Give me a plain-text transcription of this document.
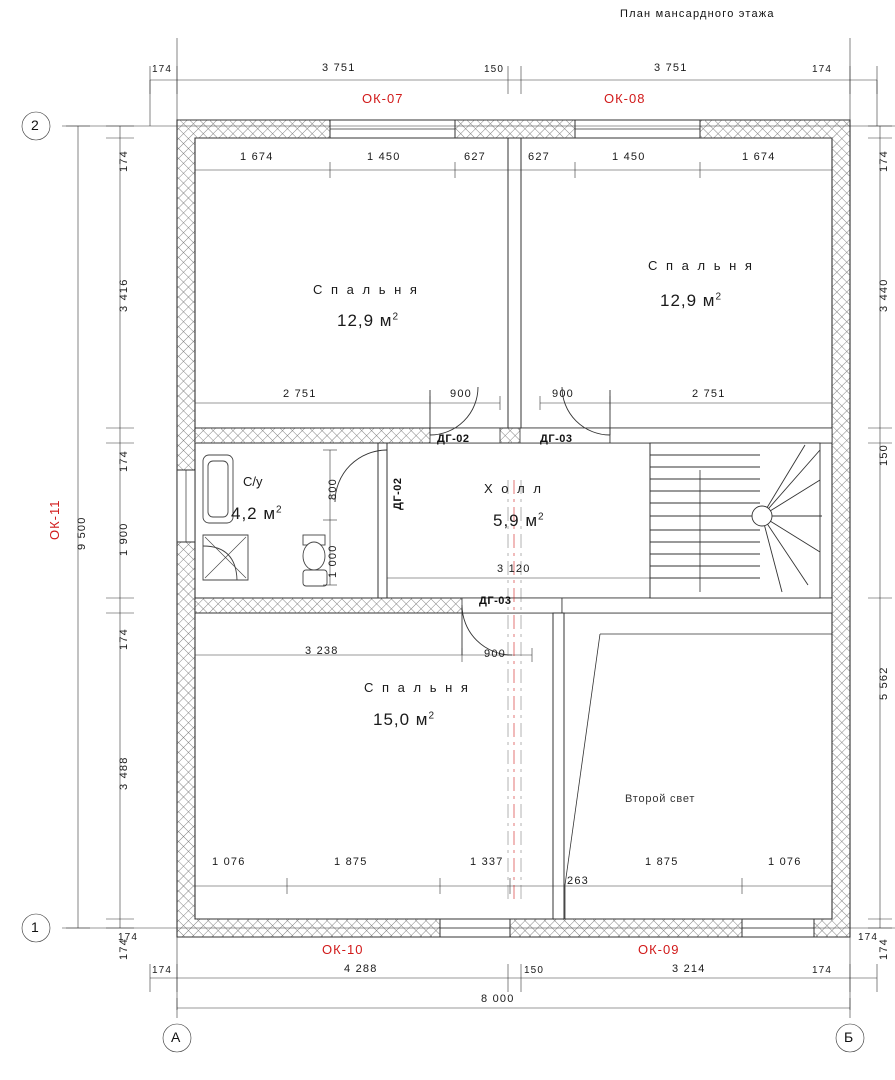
План мансардного этажа
2
1
А	Б
174	3 751	150	3 751	174
ОК-07	ОК-08
ОК-10	ОК-09
ОК-11
1 674	1 450	627	627	1 450	1 674
174
3 416
174
1 900
174
3 488
174
9 500
174
3 440
150
5 562
174
С п а л ь н я
12,9 $м^2$
С п а л ь н я
12,9 $м^2$
С/у
4,2 $м^2$
Х о л л
5,9 $м^2$
С п а л ь н я
15,0 $м^2$
Второй свет
ДГ-02	ДГ-03
ДГ-02
ДГ-03
2 751	900	900	2 751
3 238	900
3 120
800
1 000
263
1 076	1 875	1 337	1 875	1 076
174	174
174	4 288	150	3 214	174
8 000
